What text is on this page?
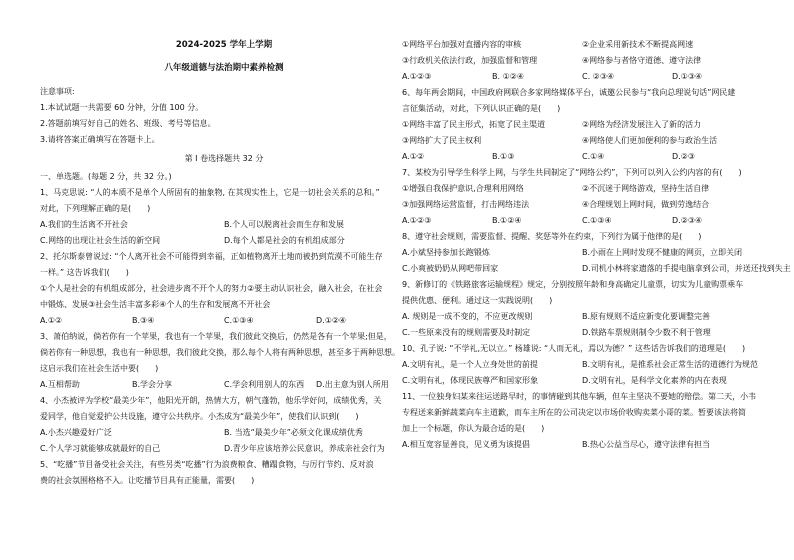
2024-2025 学年上学期
八年级道德与法治期中素养检测
注意事项:
1.本试试题一共需要 60 分钟，分值 100 分。
2.答题前填写好自己的姓名、班级、考号等信息。
3.请将答案正确填写在答题卡上。
第 I 卷选择题共 32 分
一、单选题。(每题 2 分，共 32 分。)
1、马克思说: “人的本质不是单个人所固有的抽象物, 在其现实性上，它是一切社会关系的总和。”
对此，下列理解正确的是(　　)
A.我们的生活离不开社会	B.个人可以脱离社会而生存和发展
C.网络的出现让社会生活的新空间	D.每个人都是社会的有机组成部分
2、托尔斯泰曾说过: “个人离开社会不可能得到幸福，正如植物离开土地而被扔到荒漠不可能生存
一样。” 这告诉我们(　　)
①个人是社会的有机组成部分，社会进步离不开个人的努力②要主动认识社会，融入社会，在社会
中锻炼、发展③社会生活丰富多彩④个人的生存和发展离不开社会
A.①②	B.③④	C.①③④	D.①②④
3、萧伯纳说，倘若你有一个苹果，我也有一个苹果，我们彼此交换后，仍然是各有一个苹果;但是，
倘若你有一种思想，我也有一种思想，我们彼此交换，那么每个人将有两种思想，甚至多于两种思想。
这启示我们在社会生活中要(　　)
A.互相帮助	B.学会分享	C.学会利用别人的东西	D.出主意为别人所用
4、小杰被评为学校“最美少年”，他阳光开朗，热情大方，朝气蓬勃，他乐学好问，成绩优秀，关
爱同学，他自觉爱护公共设施，遵守公共秩序。小杰成为“最美少年”，使我们认识到(　　)
A.小杰兴趣爱好广泛	B. 当选“最美少年”必须文化课成绩优秀
C.个人学习就能够成就最好的自己	D.青少年应该培养公民意识，养成亲社会行为
5、“吃播”节目备受社会关注，有些另类“吃播”行为浪费粮食、糟蹋食物，与厉行节约、反对浪
费的社会氛围格格不入。让吃播节目具有正能量，需要(　　)
①网络平台加强对直播内容的审核	②企业采用新技术不断提高网速
③行政机关依法行政，加强监督和管理	④网络参与者恪守道德、遵守法律
A.①②③	B. ①②④	C. ②③④	D.①③④
6、每年两会期间，中国政府网联合多家网络媒体平台，诚邀公民参与“我向总理说句话”网民建
言征集活动，对此，下列认识正确的是(　　)
①网络丰富了民主形式，拓宽了民主渠道	②网络为经济发展注入了新的活力
③网络扩大了民主权利	④网络使人们更加便利的参与政治生活
A.①②	B.①③	C.①④	D.②③
7、某校为引导学生科学上网，与学生共同制定了“网络公约”，下列可以列入公约内容的有(　　)
①增强自我保护意识,合理利用网络	②不沉迷于网络游戏，坚持生活自律
③加强网络运营监督，打击网络违法	④合理规划上网时间，做到劳逸结合
A.①②③	B.①②④	C.①③④	D.②③④
8、遵守社会规则，需要监督、提醒、奖惩等外在约束，下列行为属于他律的是(　　)
A.小斌坚持参加长跑锻炼	B.小雨在上网时发现不健康的网页，立即关闭
C.小爽被奶奶从网吧带回家	D.司机小林将家遗落的手提电脑拿到公司，并送还找到失主
9、新修订的《铁路旅客运输规程》规定，分别按照年龄和身高确定儿童票，切实为儿童购票乘车
提供优惠、便利。通过这一实践说明(　　)
A. 规则是一成不变的，不应更改规则	B.原有规则不适应新变化要调整完善
C.一些原来没有的规则需要及时制定	D.铁路车票规则制令少数不利于管理
10、孔子说: “不学礼,无以立。” 杨雄说: “人而无礼，焉以为德？” 这些话告诉我们的道理是(　　)
A.文明有礼，是一个人立身处世的前提	B.文明有礼，是推系社会正常生活的道德行为规范
C.文明有礼，体现民族尊严和国家形象	D.文明有礼，是科学文化素养的内在表现
11、一位独身妇某来往运送路早时，的事情碰到其他车辆，但车主坚决不要她的赔偿。第二天，小韦
专程送来新鲜蔬菜向车主道歉，而车主所在的公司决定以市场价收购卖菜小哥的菜。暂要该法将简
加上一个标题，你认为最合适的是(　　)
A.相互宽容显善良，见义勇为该提倡	B.热心公益当尽心，遵守法律有担当
